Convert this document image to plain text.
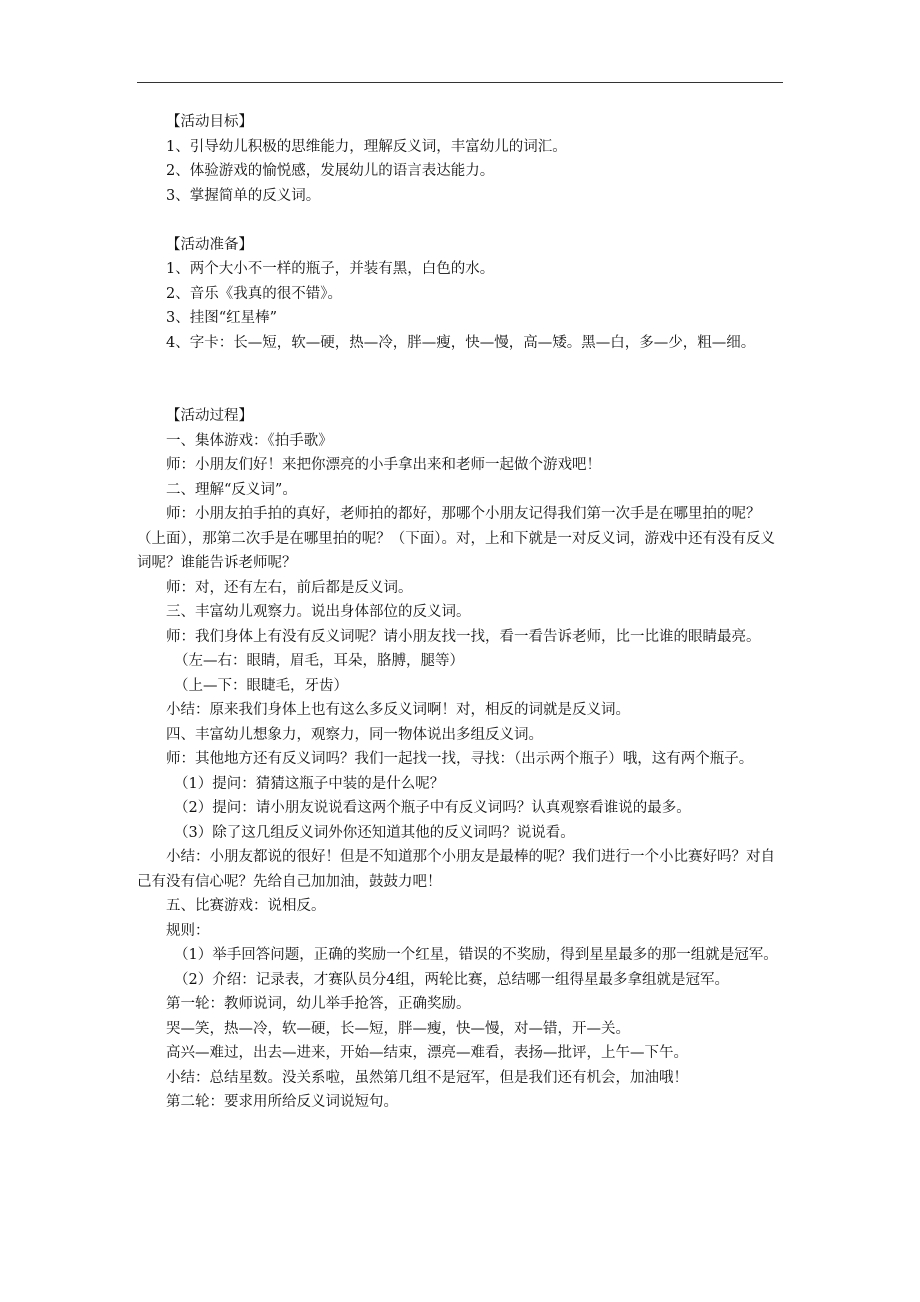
【活动目标】

1、引导幼儿积极的思维能力，理解反义词，丰富幼儿的词汇。

2、体验游戏的愉悦感，发展幼儿的语言表达能力。

3、掌握简单的反义词。

【活动准备】

1、两个大小不一样的瓶子，并装有黑，白色的水。

2、音乐《我真的很不错》。

3、挂图“红星棒”

4、字卡：长—短，软—硬，热—冷，胖—瘦，快—慢，高—矮。黑—白，多—少，粗—细。

【活动过程】

一、集体游戏：《拍手歌》

师：小朋友们好！来把你漂亮的小手拿出来和老师一起做个游戏吧！

二、理解“反义词”。

师：小朋友拍手拍的真好，老师拍的都好，那哪个小朋友记得我们第一次手是在哪里拍的呢？（上面），那第二次手是在哪里拍的呢？（下面）。对，上和下就是一对反义词，游戏中还有没有反义词呢？谁能告诉老师呢？

师：对，还有左右，前后都是反义词。

三、丰富幼儿观察力。说出身体部位的反义词。

师：我们身体上有没有反义词呢？请小朋友找一找，看一看告诉老师，比一比谁的眼睛最亮。

（左—右：眼睛，眉毛，耳朵，胳膊，腿等）

（上—下：眼睫毛，牙齿）

小结：原来我们身体上也有这么多反义词啊！对，相反的词就是反义词。

四、丰富幼儿想象力，观察力，同一物体说出多组反义词。

师：其他地方还有反义词吗？我们一起找一找，寻找：（出示两个瓶子）哦，这有两个瓶子。

（1）提问：猜猜这瓶子中装的是什么呢？

（2）提问：请小朋友说说看这两个瓶子中有反义词吗？认真观察看谁说的最多。

（3）除了这几组反义词外你还知道其他的反义词吗？说说看。

小结：小朋友都说的很好！但是不知道那个小朋友是最棒的呢？我们进行一个小比赛好吗？对自己有没有信心呢？先给自己加加油，鼓鼓力吧！

五、比赛游戏：说相反。

规则：

（1）举手回答问题，正确的奖励一个红星，错误的不奖励，得到星星最多的那一组就是冠军。

（2）介绍：记录表，才赛队员分4组，两轮比赛，总结哪一组得星最多拿组就是冠军。

第一轮：教师说词，幼儿举手抢答，正确奖励。

哭—笑，热—冷，软—硬，长—短，胖—瘦，快—慢，对—错，开—关。

高兴—难过，出去—进来，开始—结束，漂亮—难看，表扬—批评，上午—下午。

小结：总结星数。没关系啦，虽然第几组不是冠军，但是我们还有机会，加油哦！

第二轮：要求用所给反义词说短句。
